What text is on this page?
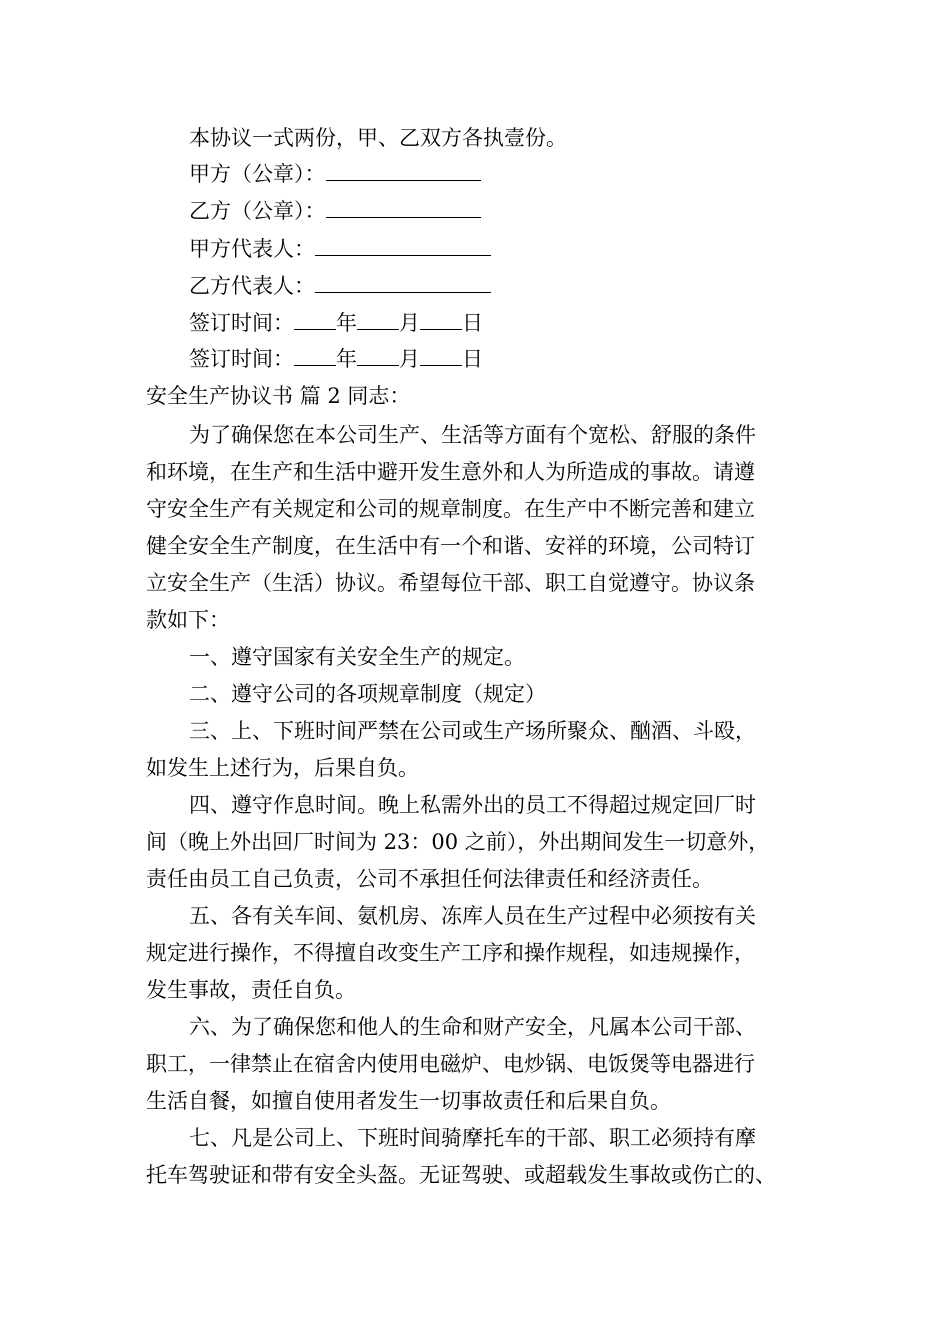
本协议一式两份，甲、乙双方各执壹份。
甲方（公章）：
乙方（公章）：
甲方代表人：
乙方代表人：
签订时间： 年 月 日
签订时间： 年 月 日
安全生产协议书 篇 2 同志：
为了确保您在本公司生产、生活等方面有个宽松、舒服的条件
和环境，在生产和生活中避开发生意外和人为所造成的事故。请遵
守安全生产有关规定和公司的规章制度。在生产中不断完善和建立
健全安全生产制度，在生活中有一个和谐、安祥的环境，公司特订
立安全生产（生活）协议。希望每位干部、职工自觉遵守。协议条
款如下：
一、遵守国家有关安全生产的规定。
二、遵守公司的各项规章制度（规定）
三、上、下班时间严禁在公司或生产场所聚众、酗酒、斗殴，
如发生上述行为，后果自负。
四、遵守作息时间。晚上私需外出的员工不得超过规定回厂时
间（晚上外出回厂时间为 23：00 之前），外出期间发生一切意外，
责任由员工自己负责，公司不承担任何法律责任和经济责任。
五、各有关车间、氨机房、冻库人员在生产过程中必须按有关
规定进行操作，不得擅自改变生产工序和操作规程，如违规操作，
发生事故，责任自负。
六、为了确保您和他人的生命和财产安全，凡属本公司干部、
职工，一律禁止在宿舍内使用电磁炉、电炒锅、电饭煲等电器进行
生活自餐，如擅自使用者发生一切事故责任和后果自负。
七、凡是公司上、下班时间骑摩托车的干部、职工必须持有摩
托车驾驶证和带有安全头盔。无证驾驶、或超载发生事故或伤亡的、
